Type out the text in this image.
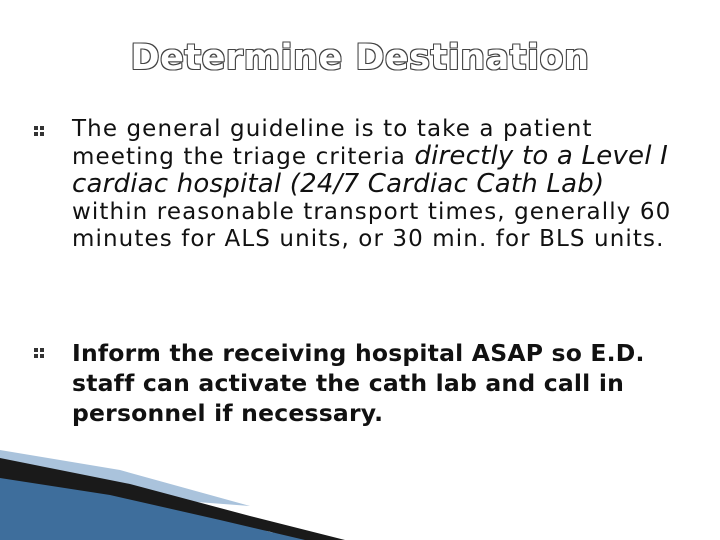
Determine Destination
The general guideline is to take a patient meeting the triage criteria directly to a Level I cardiac hospital (24/7 Cardiac Cath Lab) within reasonable transport times, generally 60 minutes for ALS units, or 30 min. for BLS units.
Inform the receiving hospital ASAP so E.D. staff can activate the cath lab and call in personnel if necessary.
